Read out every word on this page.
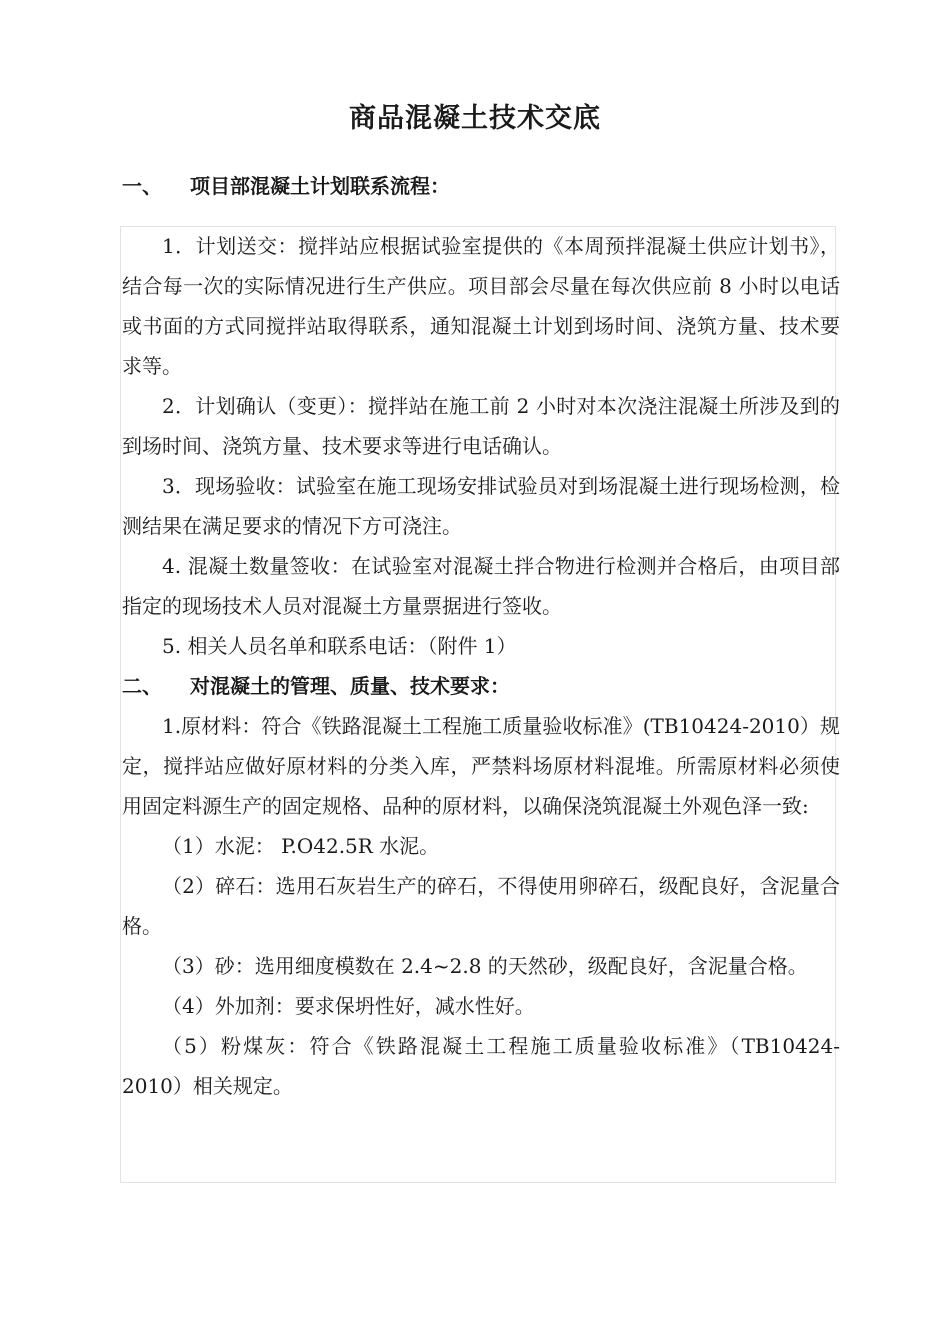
商品混凝土技术交底
一、 项目部混凝土计划联系流程：

1．计划送交：搅拌站应根据试验室提供的《本周预拌混凝土供应计划书》，结合每一次的实际情况进行生产供应。项目部会尽量在每次供应前 8 小时以电话或书面的方式同搅拌站取得联系，通知混凝土计划到场时间、浇筑方量、技术要求等。

2．计划确认（变更）：搅拌站在施工前 2 小时对本次浇注混凝土所涉及到的到场时间、浇筑方量、技术要求等进行电话确认。

3．现场验收：试验室在施工现场安排试验员对到场混凝土进行现场检测，检测结果在满足要求的情况下方可浇注。

4. 混凝土数量签收：在试验室对混凝土拌合物进行检测并合格后，由项目部指定的现场技术人员对混凝土方量票据进行签收。

5. 相关人员名单和联系电话：（附件 1）

二、 对混凝土的管理、质量、技术要求：

1.原材料：符合《铁路混凝土工程施工质量验收标准》(TB10424-2010）规定，搅拌站应做好原材料的分类入库，严禁料场原材料混堆。所需原材料必须使用固定料源生产的固定规格、品种的原材料，以确保浇筑混凝土外观色泽一致:

（1）水泥： P.O42.5R 水泥。

（2）碎石：选用石灰岩生产的碎石，不得使用卵碎石，级配良好，含泥量合格。

（3）砂：选用细度模数在 2.4~2.8 的天然砂，级配良好，含泥量合格。

（4）外加剂：要求保坍性好，减水性好。

（5）粉煤灰：符合《铁路混凝土工程施工质量验收标准》（TB10424-2010）相关规定。
